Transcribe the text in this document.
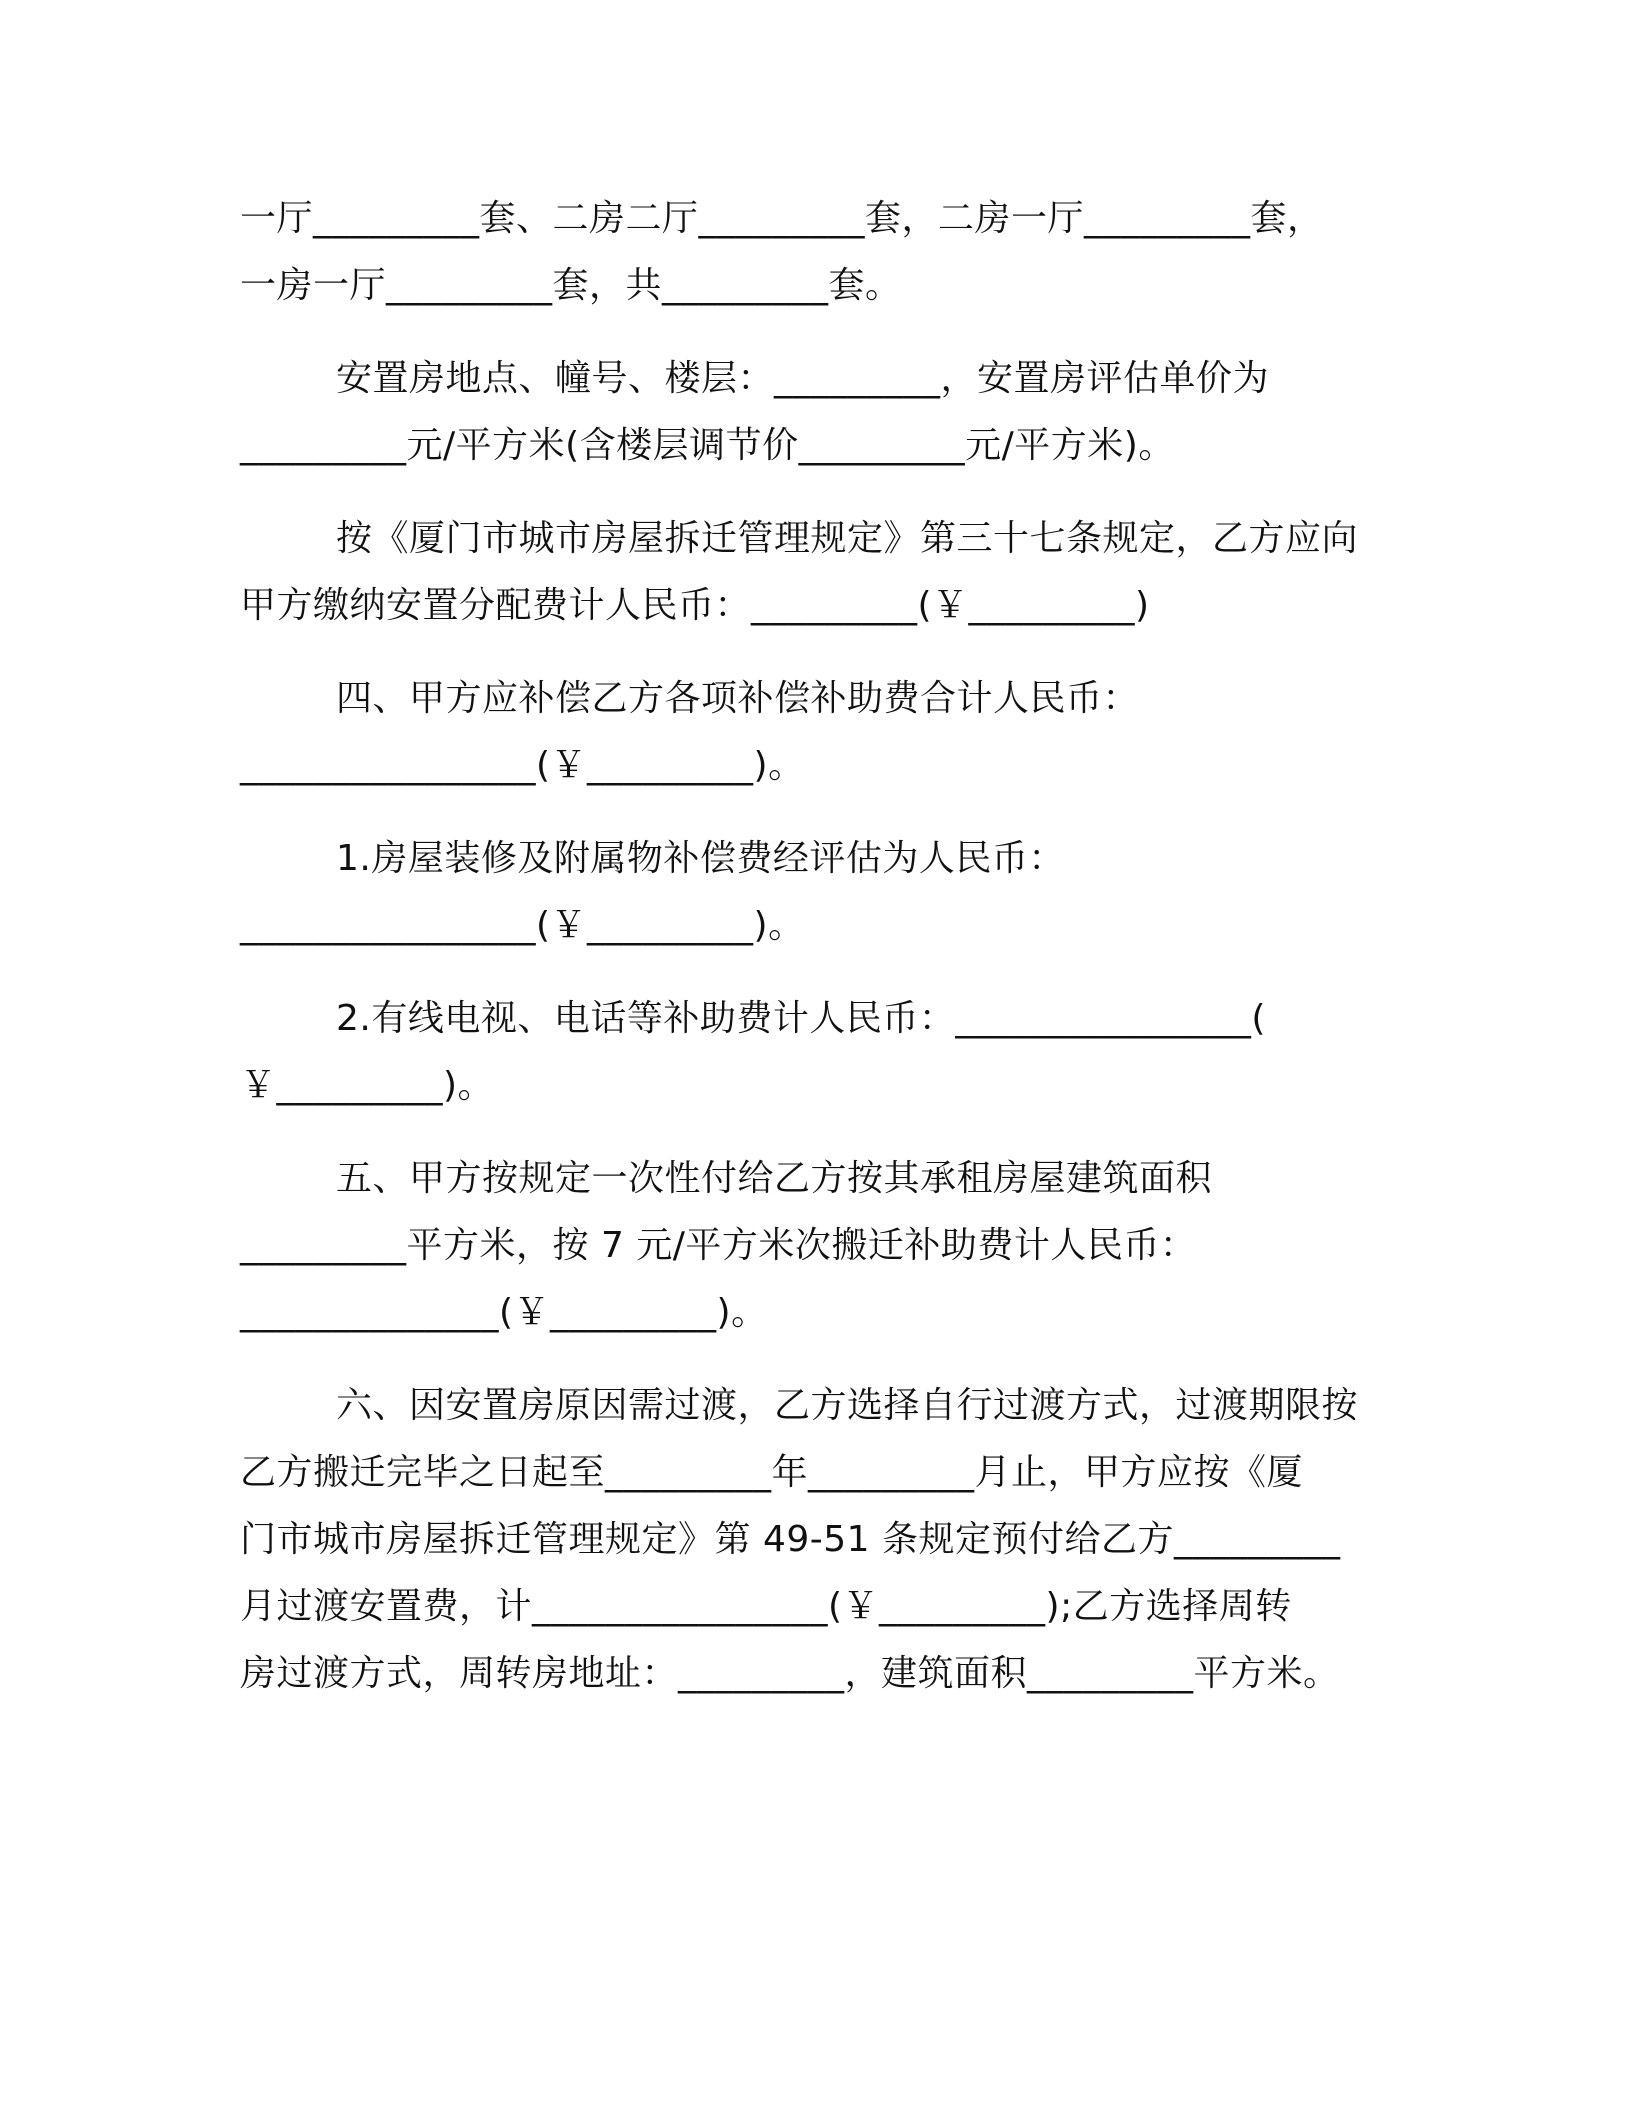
一厅_________套、二房二厅_________套，二房一厅_________套，
一房一厅_________套，共_________套。

安置房地点、幢号、楼层：_________，安置房评估单价为
_________元/平方米(含楼层调节价_________元/平方米)。

按《厦门市城市房屋拆迁管理规定》第三十七条规定，乙方应向
甲方缴纳安置分配费计人民币：_________(￥_________)

四、甲方应补偿乙方各项补偿补助费合计人民币：
________________(￥_________)。

1.房屋装修及附属物补偿费经评估为人民币：
________________(￥_________)。

2.有线电视、电话等补助费计人民币：________________(
￥_________)。

五、甲方按规定一次性付给乙方按其承租房屋建筑面积
_________平方米，按 7 元/平方米次搬迁补助费计人民币：
______________(￥_________)。

六、因安置房原因需过渡，乙方选择自行过渡方式，过渡期限按
乙方搬迁完毕之日起至_________年_________月止，甲方应按《厦
门市城市房屋拆迁管理规定》第 49-51 条规定预付给乙方_________
月过渡安置费，计________________(￥_________);乙方选择周转
房过渡方式，周转房地址：_________，建筑面积_________平方米。
